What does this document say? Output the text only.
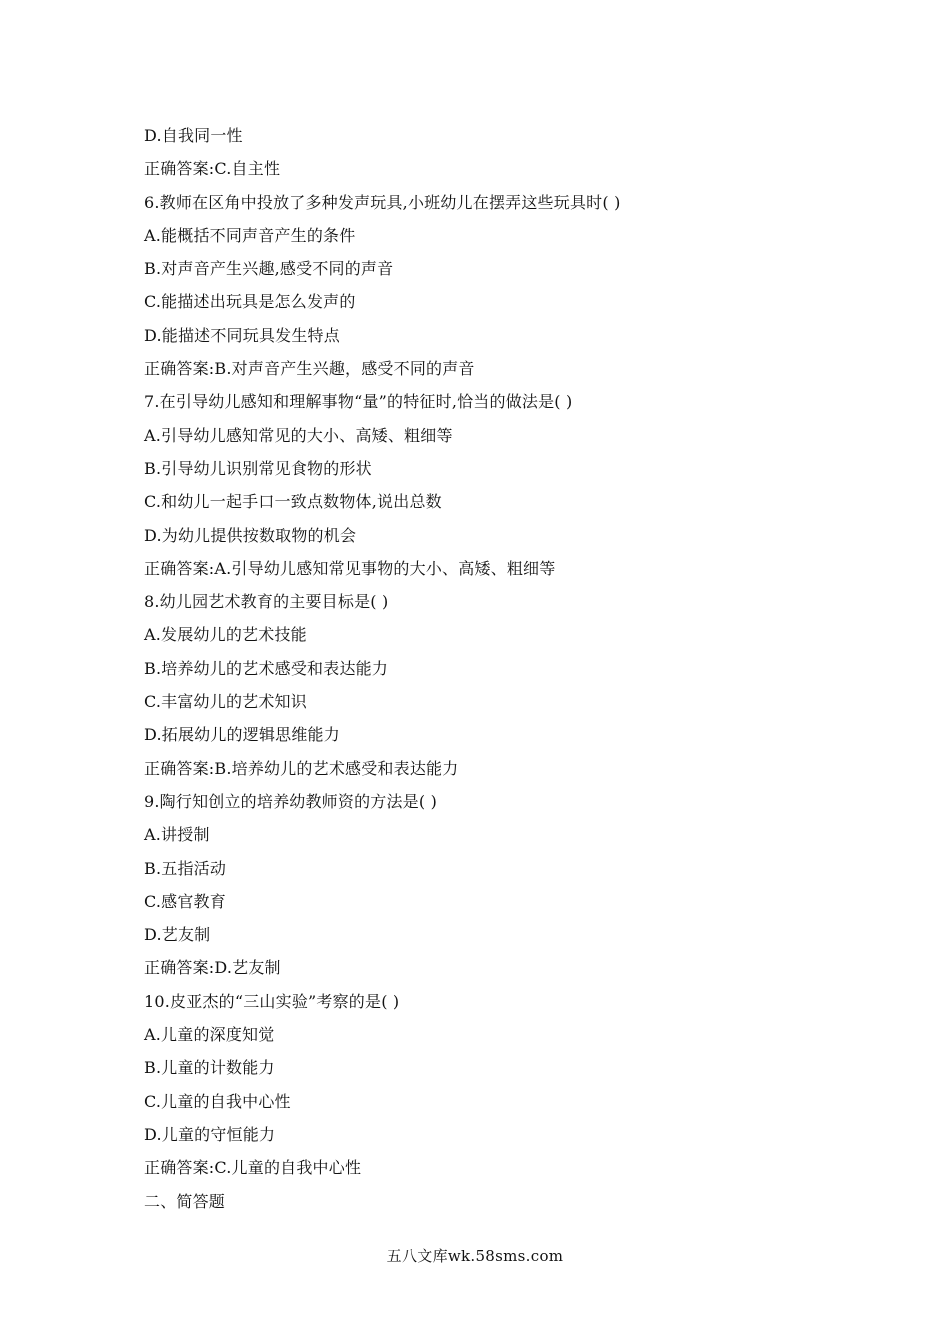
D.自我同一性
正确答案:C.自主性
6.教师在区角中投放了多种发声玩具,小班幼儿在摆弄这些玩具时( )
A.能概括不同声音产生的条件
B.对声音产生兴趣,感受不同的声音
C.能描述出玩具是怎么发声的
D.能描述不同玩具发生特点
正确答案:B.对声音产生兴趣，感受不同的声音
7.在引导幼儿感知和理解事物“量”的特征时,恰当的做法是( )
A.引导幼儿感知常见的大小、高矮、粗细等
B.引导幼儿识别常见食物的形状
C.和幼儿一起手口一致点数物体,说出总数
D.为幼儿提供按数取物的机会
正确答案:A.引导幼儿感知常见事物的大小、高矮、粗细等
8.幼儿园艺术教育的主要目标是( )
A.发展幼儿的艺术技能
B.培养幼儿的艺术感受和表达能力
C.丰富幼儿的艺术知识
D.拓展幼儿的逻辑思维能力
正确答案:B.培养幼儿的艺术感受和表达能力
9.陶行知创立的培养幼教师资的方法是( )
A.讲授制
B.五指活动
C.感官教育
D.艺友制
正确答案:D.艺友制
10.皮亚杰的“三山实验”考察的是( )
A.儿童的深度知觉
B.儿童的计数能力
C.儿童的自我中心性
D.儿童的守恒能力
正确答案:C.儿童的自我中心性
二、简答题
五八文库wk.58sms.com
